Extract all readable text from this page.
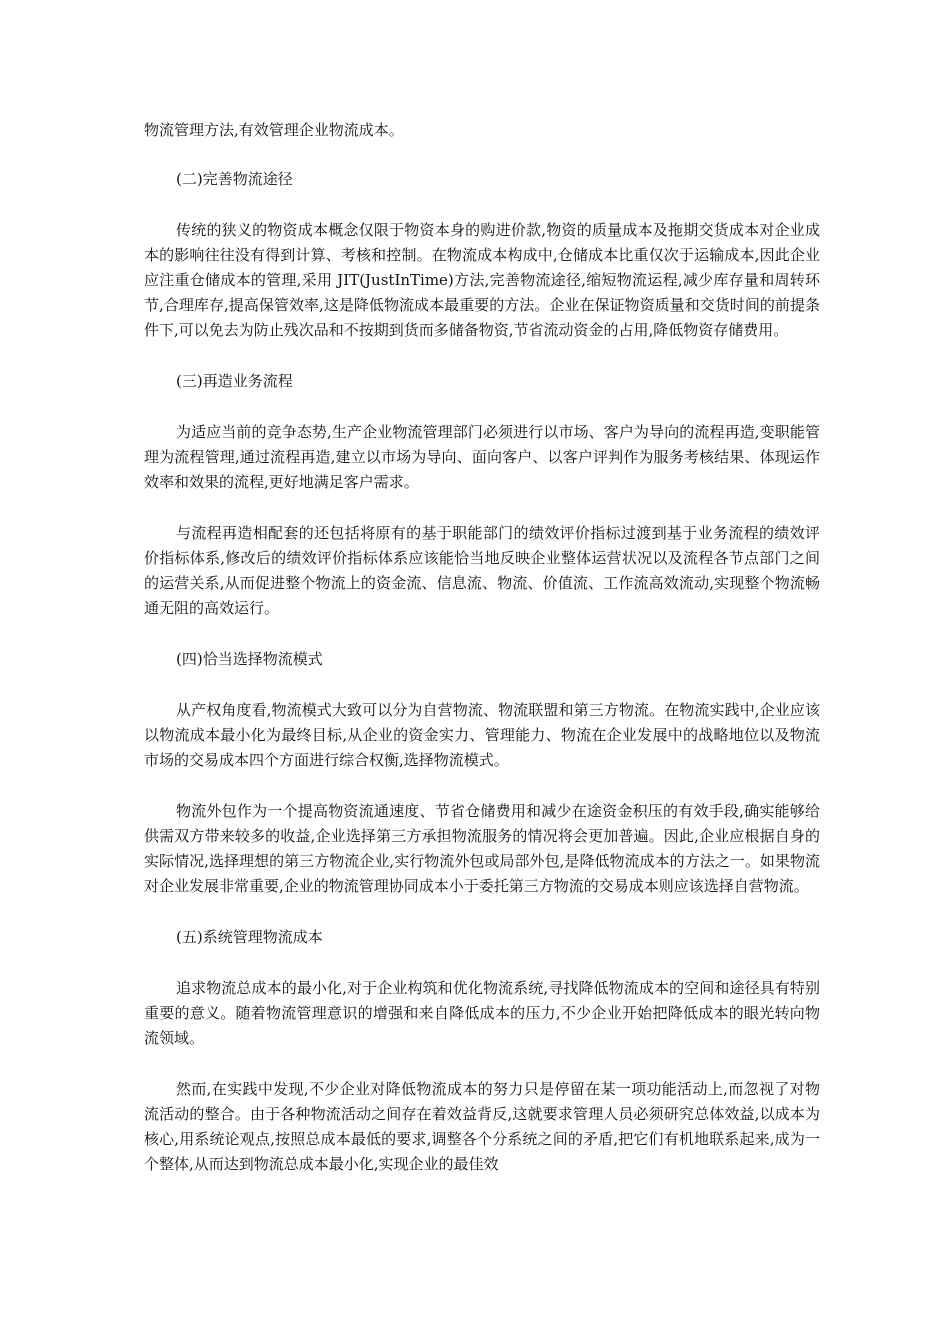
物流管理方法,有效管理企业物流成本。

(二)完善物流途径

传统的狭义的物资成本概念仅限于物资本身的购进价款,物资的质量成本及拖期交货成本对企业成本的影响往往没有得到计算、考核和控制。在物流成本构成中,仓储成本比重仅次于运输成本,因此企业应注重仓储成本的管理,采用 JIT(JustInTime)方法,完善物流途径,缩短物流运程,减少库存量和周转环节,合理库存,提高保管效率,这是降低物流成本最重要的方法。企业在保证物资质量和交货时间的前提条件下,可以免去为防止残次品和不按期到货而多储备物资,节省流动资金的占用,降低物资存储费用。

(三)再造业务流程

为适应当前的竞争态势,生产企业物流管理部门必须进行以市场、客户为导向的流程再造,变职能管理为流程管理,通过流程再造,建立以市场为导向、面向客户、以客户评判作为服务考核结果、体现运作效率和效果的流程,更好地满足客户需求。

与流程再造相配套的还包括将原有的基于职能部门的绩效评价指标过渡到基于业务流程的绩效评价指标体系,修改后的绩效评价指标体系应该能恰当地反映企业整体运营状况以及流程各节点部门之间的运营关系,从而促进整个物流上的资金流、信息流、物流、价值流、工作流高效流动,实现整个物流畅通无阻的高效运行。

(四)恰当选择物流模式

从产权角度看,物流模式大致可以分为自营物流、物流联盟和第三方物流。在物流实践中,企业应该以物流成本最小化为最终目标,从企业的资金实力、管理能力、物流在企业发展中的战略地位以及物流市场的交易成本四个方面进行综合权衡,选择物流模式。

物流外包作为一个提高物资流通速度、节省仓储费用和减少在途资金积压的有效手段,确实能够给供需双方带来较多的收益,企业选择第三方承担物流服务的情况将会更加普遍。因此,企业应根据自身的实际情况,选择理想的第三方物流企业,实行物流外包或局部外包,是降低物流成本的方法之一。如果物流对企业发展非常重要,企业的物流管理协同成本小于委托第三方物流的交易成本则应该选择自营物流。

(五)系统管理物流成本

追求物流总成本的最小化,对于企业构筑和优化物流系统,寻找降低物流成本的空间和途径具有特别重要的意义。随着物流管理意识的增强和来自降低成本的压力,不少企业开始把降低成本的眼光转向物流领域。

然而,在实践中发现,不少企业对降低物流成本的努力只是停留在某一项功能活动上,而忽视了对物流活动的整合。由于各种物流活动之间存在着效益背反,这就要求管理人员必须研究总体效益,以成本为核心,用系统论观点,按照总成本最低的要求,调整各个分系统之间的矛盾,把它们有机地联系起来,成为一个整体,从而达到物流总成本最小化,实现企业的最佳效
